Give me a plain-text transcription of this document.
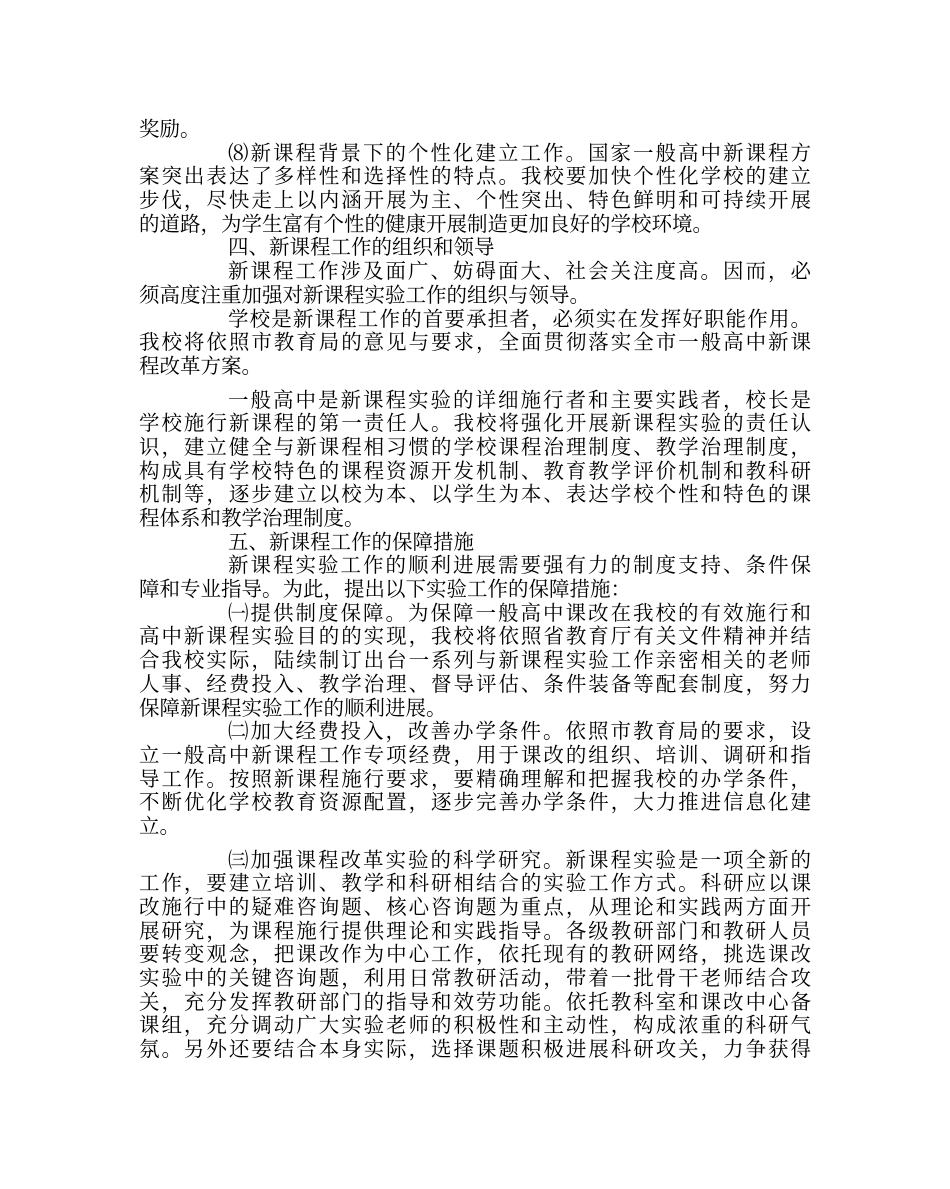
奖励。
⑻新课程背景下的个性化建立工作。国家一般高中新课程方
案突出表达了多样性和选择性的特点。我校要加快个性化学校的建立
步伐，尽快走上以内涵开展为主、个性突出、特色鲜明和可持续开展
的道路，为学生富有个性的健康开展制造更加良好的学校环境。
四、新课程工作的组织和领导
新课程工作涉及面广、妨碍面大、社会关注度高。因而，必
须高度注重加强对新课程实验工作的组织与领导。
学校是新课程工作的首要承担者，必须实在发挥好职能作用。
我校将依照市教育局的意见与要求，全面贯彻落实全市一般高中新课
程改革方案。
一般高中是新课程实验的详细施行者和主要实践者，校长是
学校施行新课程的第一责任人。我校将强化开展新课程实验的责任认
识，建立健全与新课程相习惯的学校课程治理制度、教学治理制度，
构成具有学校特色的课程资源开发机制、教育教学评价机制和教科研
机制等，逐步建立以校为本、以学生为本、表达学校个性和特色的课
程体系和教学治理制度。
五、新课程工作的保障措施
新课程实验工作的顺利进展需要强有力的制度支持、条件保
障和专业指导。为此，提出以下实验工作的保障措施：
㈠提供制度保障。为保障一般高中课改在我校的有效施行和
高中新课程实验目的的实现，我校将依照省教育厅有关文件精神并结
合我校实际，陆续制订出台一系列与新课程实验工作亲密相关的老师
人事、经费投入、教学治理、督导评估、条件装备等配套制度，努力
保障新课程实验工作的顺利进展。
㈡加大经费投入，改善办学条件。依照市教育局的要求，设
立一般高中新课程工作专项经费，用于课改的组织、培训、调研和指
导工作。按照新课程施行要求，要精确理解和把握我校的办学条件，
不断优化学校教育资源配置，逐步完善办学条件，大力推进信息化建
立。
㈢加强课程改革实验的科学研究。新课程实验是一项全新的
工作，要建立培训、教学和科研相结合的实验工作方式。科研应以课
改施行中的疑难咨询题、核心咨询题为重点，从理论和实践两方面开
展研究，为课程施行提供理论和实践指导。各级教研部门和教研人员
要转变观念，把课改作为中心工作，依托现有的教研网络，挑选课改
实验中的关键咨询题，利用日常教研活动，带着一批骨干老师结合攻
关，充分发挥教研部门的指导和效劳功能。依托教科室和课改中心备
课组，充分调动广大实验老师的积极性和主动性，构成浓重的科研气
氛。另外还要结合本身实际，选择课题积极进展科研攻关，力争获得
